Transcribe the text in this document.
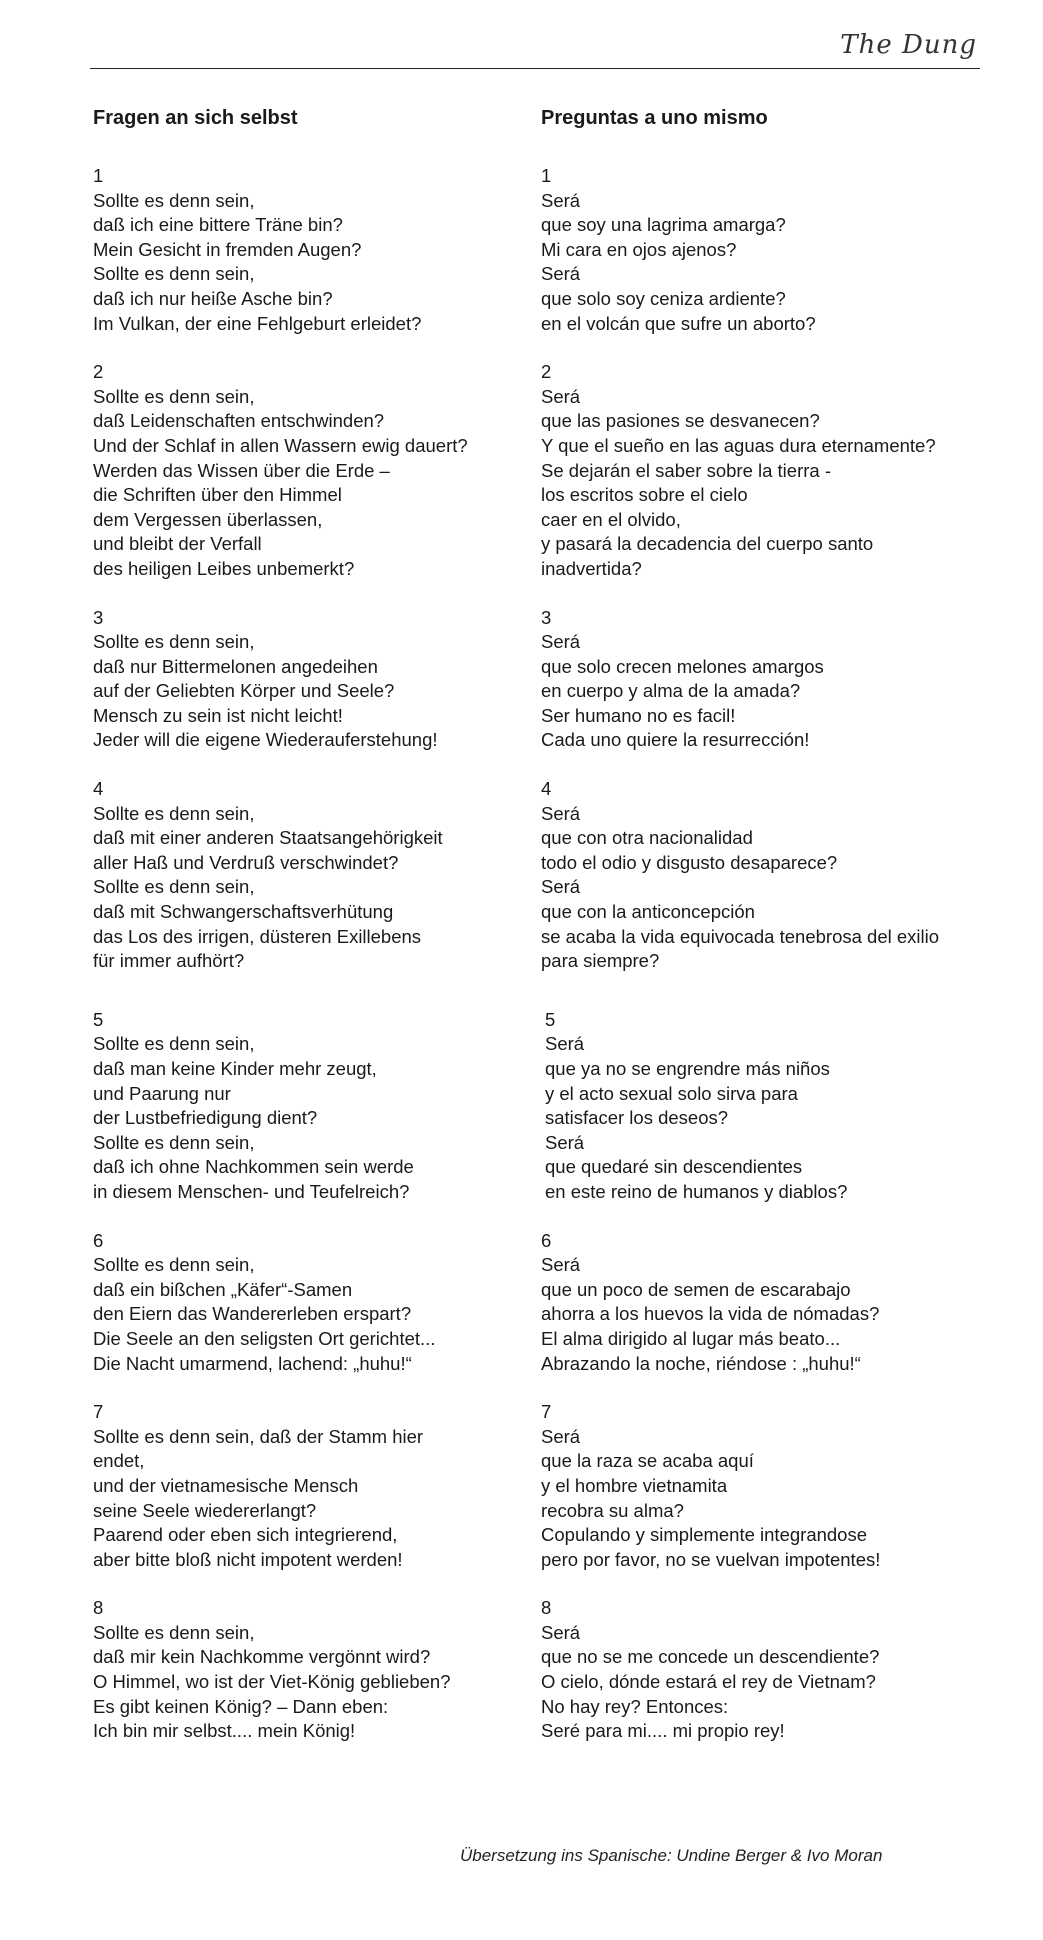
The Dung
Fragen an sich selbst
1
Sollte es denn sein,
daß ich eine bittere Träne bin?
Mein Gesicht in fremden Augen?
Sollte es denn sein,
daß ich nur heiße Asche bin?
Im Vulkan, der eine Fehlgeburt erleidet?
2
Sollte es denn sein,
daß Leidenschaften entschwinden?
Und der Schlaf in allen Wassern ewig dauert?
Werden das Wissen über die Erde –
die Schriften über den Himmel
dem Vergessen überlassen,
und bleibt der Verfall
des heiligen Leibes unbemerkt?
3
Sollte es denn sein,
daß nur Bittermelonen angedeihen
auf der Geliebten Körper und Seele?
Mensch zu sein ist nicht leicht!
Jeder will die eigene Wiederauferstehung!
4
Sollte es denn sein,
daß mit einer anderen Staatsangehörigkeit
aller Haß und Verdruß verschwindet?
Sollte es denn sein,
daß mit Schwangerschaftsverhütung
das Los des irrigen, düsteren Exillebens
für immer aufhört?
5
Sollte es denn sein,
daß man keine Kinder mehr zeugt,
und Paarung nur
der Lustbefriedigung dient?
Sollte es denn sein,
daß ich ohne Nachkommen sein werde
in diesem Menschen- und Teufelreich?
6
Sollte es denn sein,
daß ein bißchen „Käfer“-Samen
den Eiern das Wandererleben erspart?
Die Seele an den seligsten Ort gerichtet...
Die Nacht umarmend, lachend: „huhu!“
7
Sollte es denn sein, daß der Stamm hier
endet,
und der vietnamesische Mensch
seine Seele wiedererlangt?
Paarend oder eben sich integrierend,
aber bitte bloß nicht impotent werden!
8
Sollte es denn sein,
daß mir kein Nachkomme vergönnt wird?
O Himmel, wo ist der Viet-König geblieben?
Es gibt keinen König? – Dann eben:
Ich bin mir selbst.... mein König!
Preguntas a uno mismo
1
Será
que soy una lagrima amarga?
Mi cara en ojos ajenos?
Será
que solo soy ceniza ardiente?
en el volcán que sufre un aborto?
2
Será
que las pasiones se desvanecen?
Y que el sueño en las aguas dura eternamente?
Se dejarán el saber sobre la tierra -
los escritos sobre el cielo
caer en el olvido,
y pasará la decadencia del cuerpo santo
inadvertida?
3
Será
que solo crecen melones amargos
en cuerpo y alma de la amada?
Ser humano no es facil!
Cada uno quiere la resurrección!
4
Será
que con otra nacionalidad
todo el odio y disgusto desaparece?
Será
que con la anticoncepción
se acaba la vida equivocada tenebrosa del exilio
para siempre?
5
Será
que ya no se engrendre más niños
y el acto sexual solo sirva para
satisfacer los deseos?
Será
que quedaré sin descendientes
en este reino de humanos y diablos?
6
Será
que un poco de semen de escarabajo
ahorra a los huevos la vida de nómadas?
El alma dirigido al lugar más beato...
Abrazando la noche, riéndose : „huhu!“
7
Será
que la raza se acaba aquí
y el hombre vietnamita
recobra su alma?
Copulando y simplemente integrandose
pero por favor, no se vuelvan impotentes!
8
Será
que no se me concede un descendiente?
O cielo, dónde estará el rey de Vietnam?
No hay rey? Entonces:
Seré para mi.... mi propio rey!
Übersetzung ins Spanische: Undine Berger & Ivo Moran
